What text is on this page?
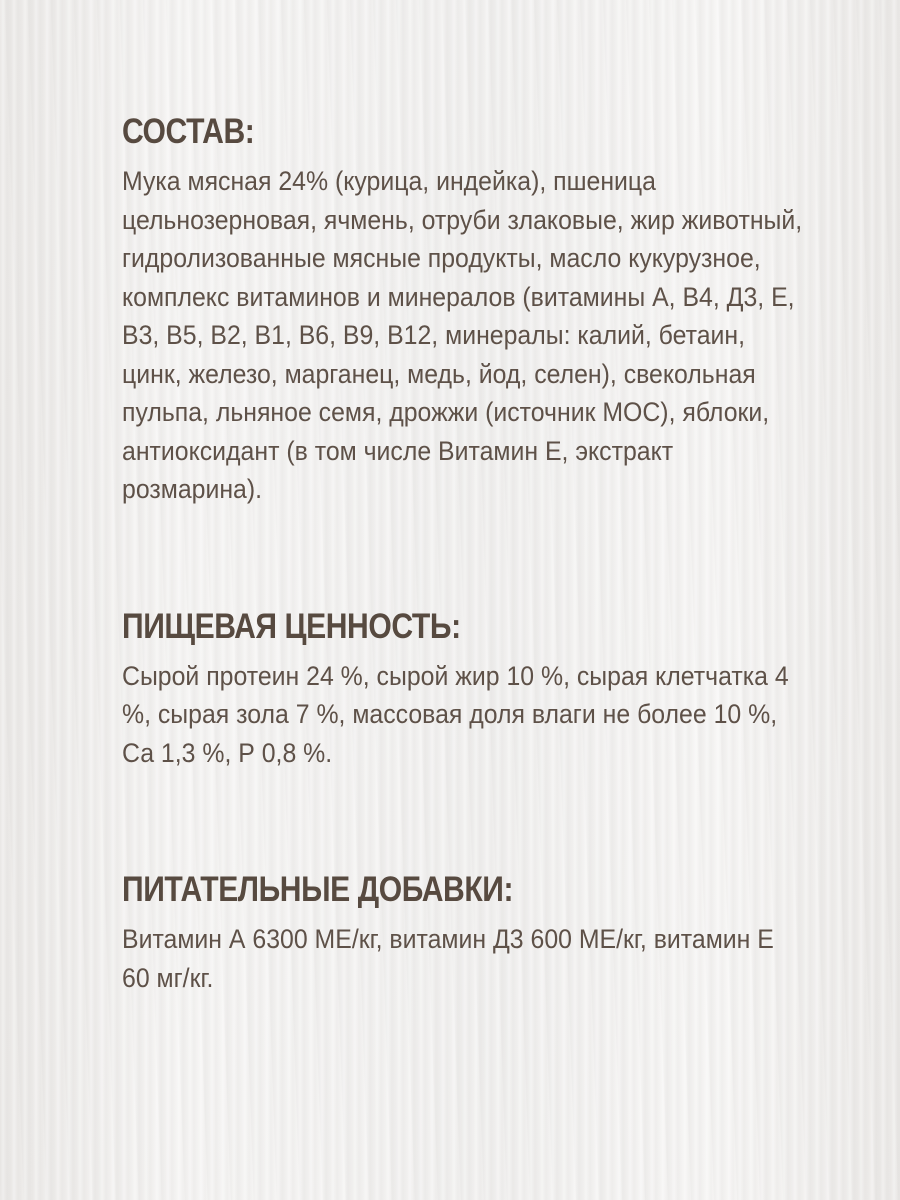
СОСТАВ:

Мука мясная 24% (курица, индейка), пшеница цельнозерновая, ячмень, отруби злаковые, жир животный, гидролизованные мясные продукты, масло кукурузное, комплекс витаминов и минералов (витамины А, В4, Д3, Е, В3, В5, В2, В1, В6, В9, В12, минералы: калий, бетаин, цинк, железо, марганец, медь, йод, селен), свекольная пульпа, льняное семя, дрожжи (источник МОС), яблоки, антиоксидант (в том числе Витамин Е, экстракт розмарина).

ПИЩЕВАЯ ЦЕННОСТЬ:

Сырой протеин 24 %, сырой жир 10 %, сырая клетчатка 4 %, сырая зола 7 %, массовая доля влаги не более 10 %, Са 1,3 %, Р 0,8 %.

ПИТАТЕЛЬНЫЕ ДОБАВКИ:

Витамин А 6300 МЕ/кг, витамин Д3 600 МЕ/кг, витамин Е 60 мг/кг.
